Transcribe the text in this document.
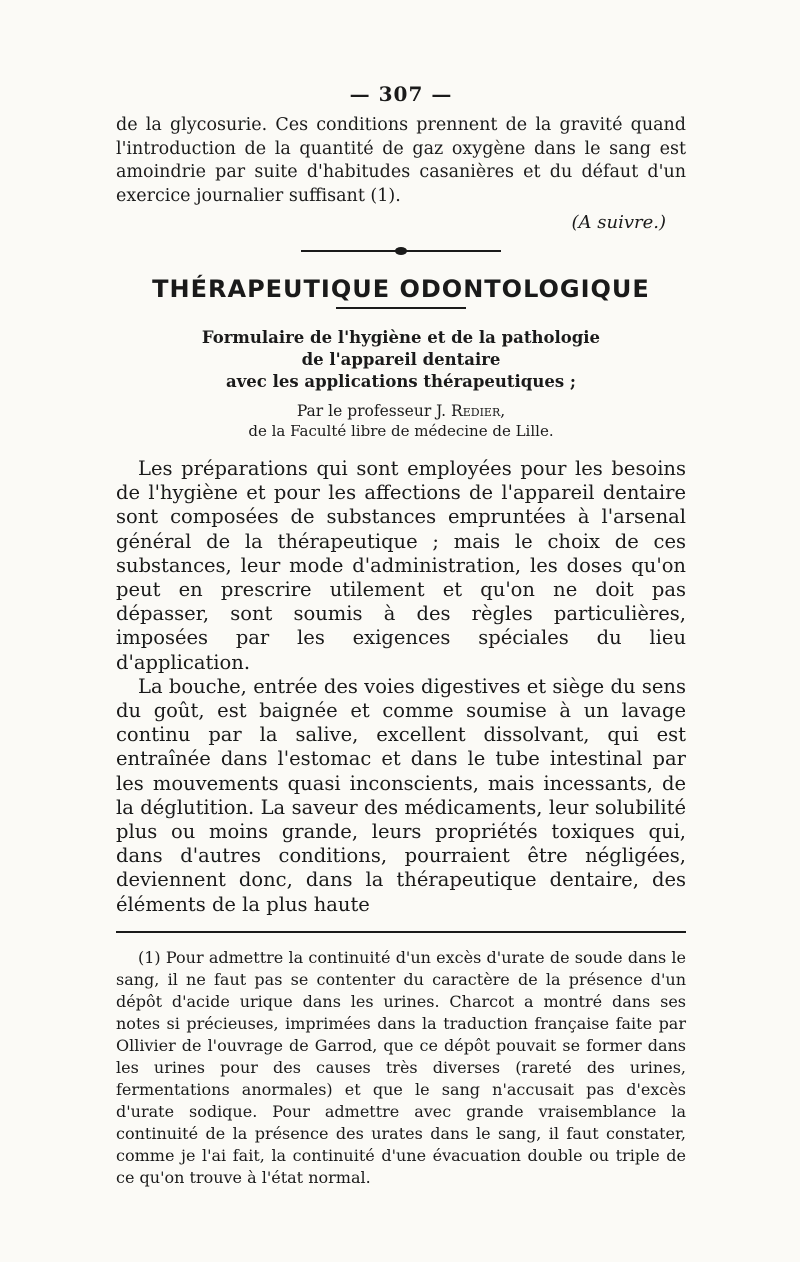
— 307 —

de la glycosurie. Ces conditions prennent de la gravité quand l'introduction de la quantité de gaz oxygène dans le sang est amoindrie par suite d'habitudes casanières et du défaut d'un exercice journalier suffisant (1).

(A suivre.)
THÉRAPEUTIQUE ODONTOLOGIQUE

Formulaire de l'hygiène et de la pathologie

de l'appareil dentaire

avec les applications thérapeutiques ;

Par le professeur J. Redier,

de la Faculté libre de médecine de Lille.

Les préparations qui sont employées pour les besoins de l'hygiène et pour les affections de l'appareil dentaire sont composées de substances empruntées à l'arsenal général de la thérapeutique ; mais le choix de ces substances, leur mode d'administration, les doses qu'on peut en prescrire utilement et qu'on ne doit pas dépasser, sont soumis à des règles particulières, imposées par les exigences spéciales du lieu d'application.

La bouche, entrée des voies digestives et siège du sens du goût, est baignée et comme soumise à un lavage continu par la salive, excellent dissolvant, qui est entraînée dans l'estomac et dans le tube intestinal par les mouvements quasi inconscients, mais incessants, de la déglutition. La saveur des médicaments, leur solubilité plus ou moins grande, leurs propriétés toxiques qui, dans d'autres conditions, pourraient être négligées, deviennent donc, dans la thérapeutique dentaire, des éléments de la plus haute

(1) Pour admettre la continuité d'un excès d'urate de soude dans le sang, il ne faut pas se contenter du caractère de la présence d'un dépôt d'acide urique dans les urines. Charcot a montré dans ses notes si précieuses, imprimées dans la traduction française faite par Ollivier de l'ouvrage de Garrod, que ce dépôt pouvait se former dans les urines pour des causes très diverses (rareté des urines, fermentations anormales) et que le sang n'accusait pas d'excès d'urate sodique. Pour admettre avec grande vraisemblance la continuité de la présence des urates dans le sang, il faut constater, comme je l'ai fait, la continuité d'une évacuation double ou triple de ce qu'on trouve à l'état normal.
